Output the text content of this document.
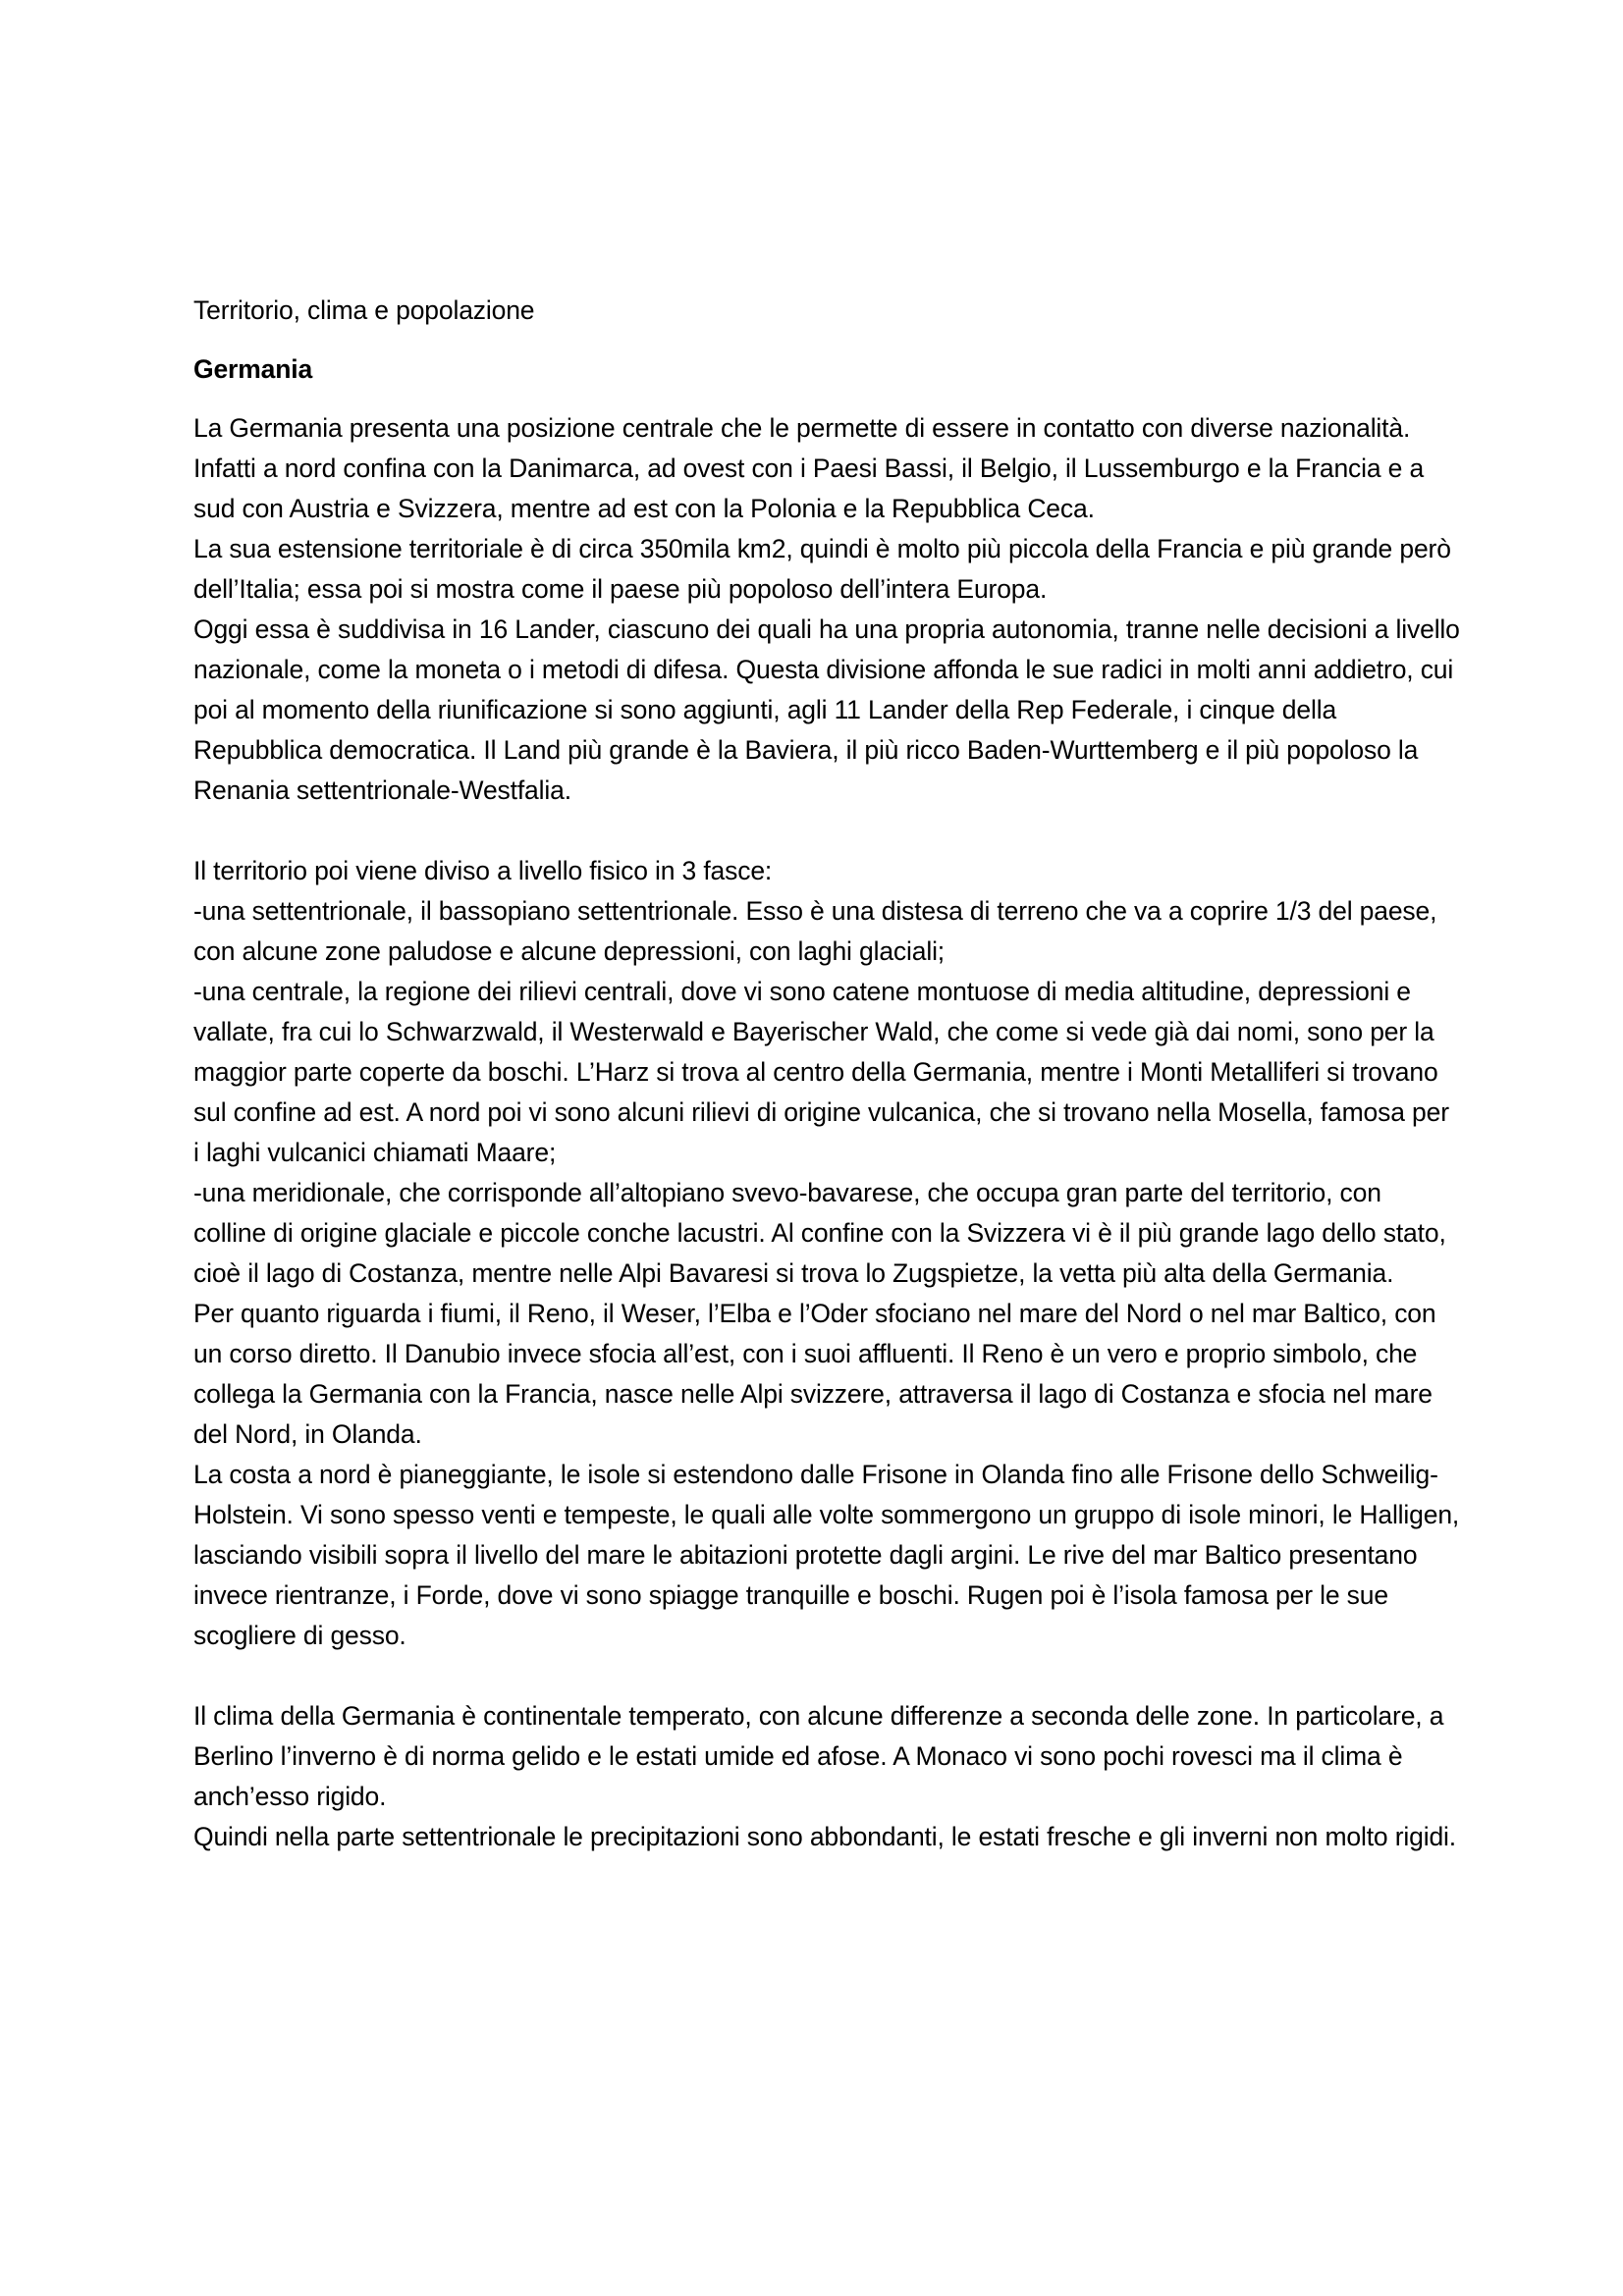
Territorio, clima e popolazione

Germania

La Germania presenta una posizione centrale che le permette di essere in contatto con diverse nazionalità. Infatti a nord confina con la Danimarca, ad ovest con i Paesi Bassi, il Belgio, il Lussemburgo e la Francia e a sud con Austria e Svizzera, mentre ad est con la Polonia e la Repubblica Ceca.

La sua estensione territoriale è di circa 350mila km2, quindi è molto più piccola della Francia e più grande però dell’Italia; essa poi si mostra come il paese più popoloso dell’intera Europa.

Oggi essa è suddivisa in 16 Lander, ciascuno dei quali ha una propria autonomia, tranne nelle decisioni a livello nazionale, come la moneta o i metodi di difesa. Questa divisione affonda le sue radici in molti anni addietro, cui poi al momento della riunificazione si sono aggiunti, agli 11 Lander della Rep Federale, i cinque della Repubblica democratica. Il Land più grande è la Baviera, il più ricco Baden-Wurttemberg e il più popoloso la Renania settentrionale-Westfalia.

Il territorio poi viene diviso a livello fisico in 3 fasce:

-una settentrionale, il bassopiano settentrionale. Esso è una distesa di terreno che va a coprire 1/3 del paese, con alcune zone paludose e alcune depressioni, con laghi glaciali;

-una centrale, la regione dei rilievi centrali, dove vi sono catene montuose di media altitudine, depressioni e vallate, fra cui lo Schwarzwald, il Westerwald e Bayerischer Wald, che come si vede già dai nomi, sono per la maggior parte coperte da boschi. L’Harz si trova al centro della Germania, mentre i Monti Metalliferi si trovano sul confine ad est. A nord poi vi sono alcuni rilievi di origine vulcanica, che si trovano nella Mosella, famosa per i laghi vulcanici chiamati Maare;

-una meridionale, che corrisponde all’altopiano svevo-bavarese, che occupa gran parte del territorio, con colline di origine glaciale e piccole conche lacustri. Al confine con la Svizzera vi è il più grande lago dello stato, cioè il lago di Costanza, mentre nelle Alpi Bavaresi si trova lo Zugspietze, la vetta più alta della Germania.

Per quanto riguarda i fiumi, il Reno, il Weser, l’Elba e l’Oder sfociano nel mare del Nord o nel mar Baltico, con un corso diretto. Il Danubio invece sfocia all’est, con i suoi affluenti. Il Reno è un vero e proprio simbolo, che collega la Germania con la Francia, nasce nelle Alpi svizzere, attraversa il lago di Costanza e sfocia nel mare del Nord, in Olanda.

La costa a nord è pianeggiante, le isole si estendono dalle Frisone in Olanda fino alle Frisone dello Schweilig-Holstein. Vi sono spesso venti e tempeste, le quali alle volte sommergono un gruppo di isole minori, le Halligen, lasciando visibili sopra il livello del mare le abitazioni protette dagli argini. Le rive del mar Baltico presentano invece rientranze, i Forde, dove vi sono spiagge tranquille e boschi. Rugen poi è l’isola famosa per le sue scogliere di gesso.

Il clima della Germania è continentale temperato, con alcune differenze a seconda delle zone. In particolare, a Berlino l’inverno è di norma gelido e le estati umide ed afose. A Monaco vi sono pochi rovesci ma il clima è anch’esso rigido.

Quindi nella parte settentrionale le precipitazioni sono abbondanti, le estati fresche e gli inverni non molto rigidi.
